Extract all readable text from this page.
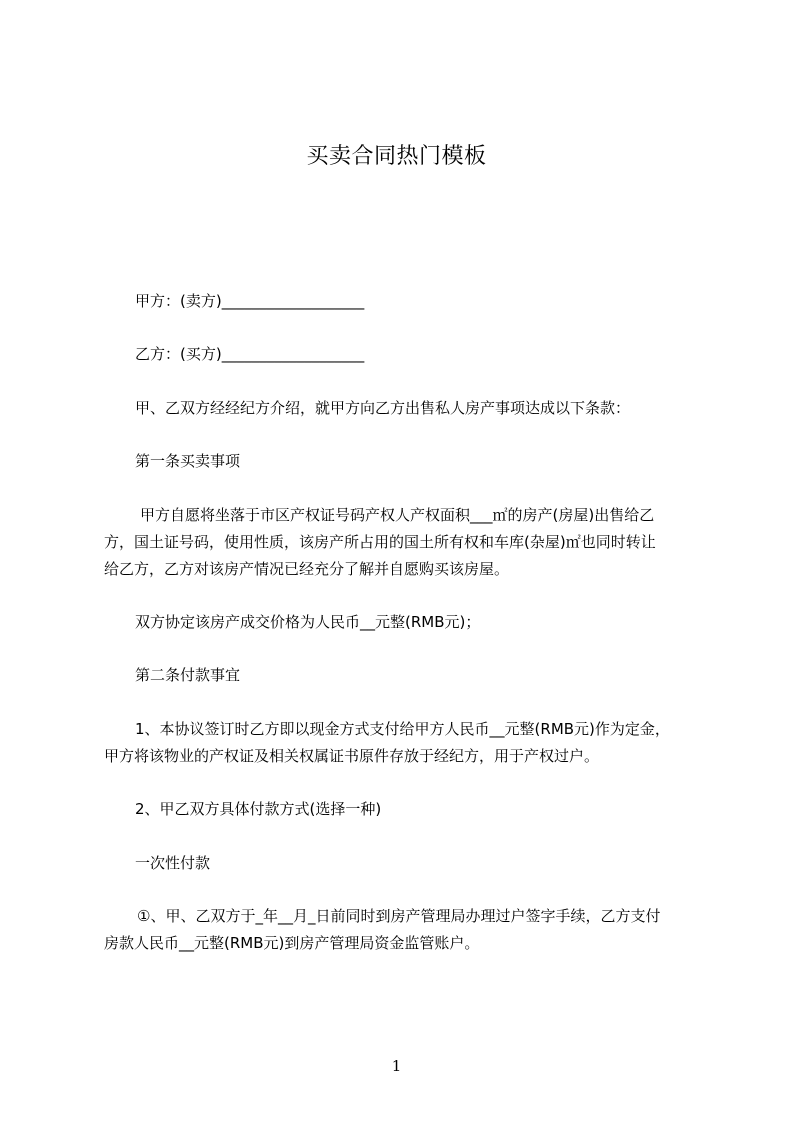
买卖合同热门模板
甲方：(卖方)___________________
乙方：(买方)___________________
甲、乙双方经经纪方介绍，就甲方向乙方出售私人房产事项达成以下条款：
第一条买卖事项
甲方自愿将坐落于市区产权证号码产权人产权面积___㎡的房产(房屋)出售给乙
方，国土证号码，使用性质，该房产所占用的国土所有权和车库(杂屋)㎡也同时转让
给乙方，乙方对该房产情况已经充分了解并自愿购买该房屋。
双方协定该房产成交价格为人民币__元整(RMB元)；
第二条付款事宜
1、本协议签订时乙方即以现金方式支付给甲方人民币__元整(RMB元)作为定金，
甲方将该物业的产权证及相关权属证书原件存放于经纪方，用于产权过户。
2、甲乙双方具体付款方式(选择一种)
一次性付款
①、甲、乙双方于_年__月_日前同时到房产管理局办理过户签字手续，乙方支付
房款人民币__元整(RMB元)到房产管理局资金监管账户。
1
